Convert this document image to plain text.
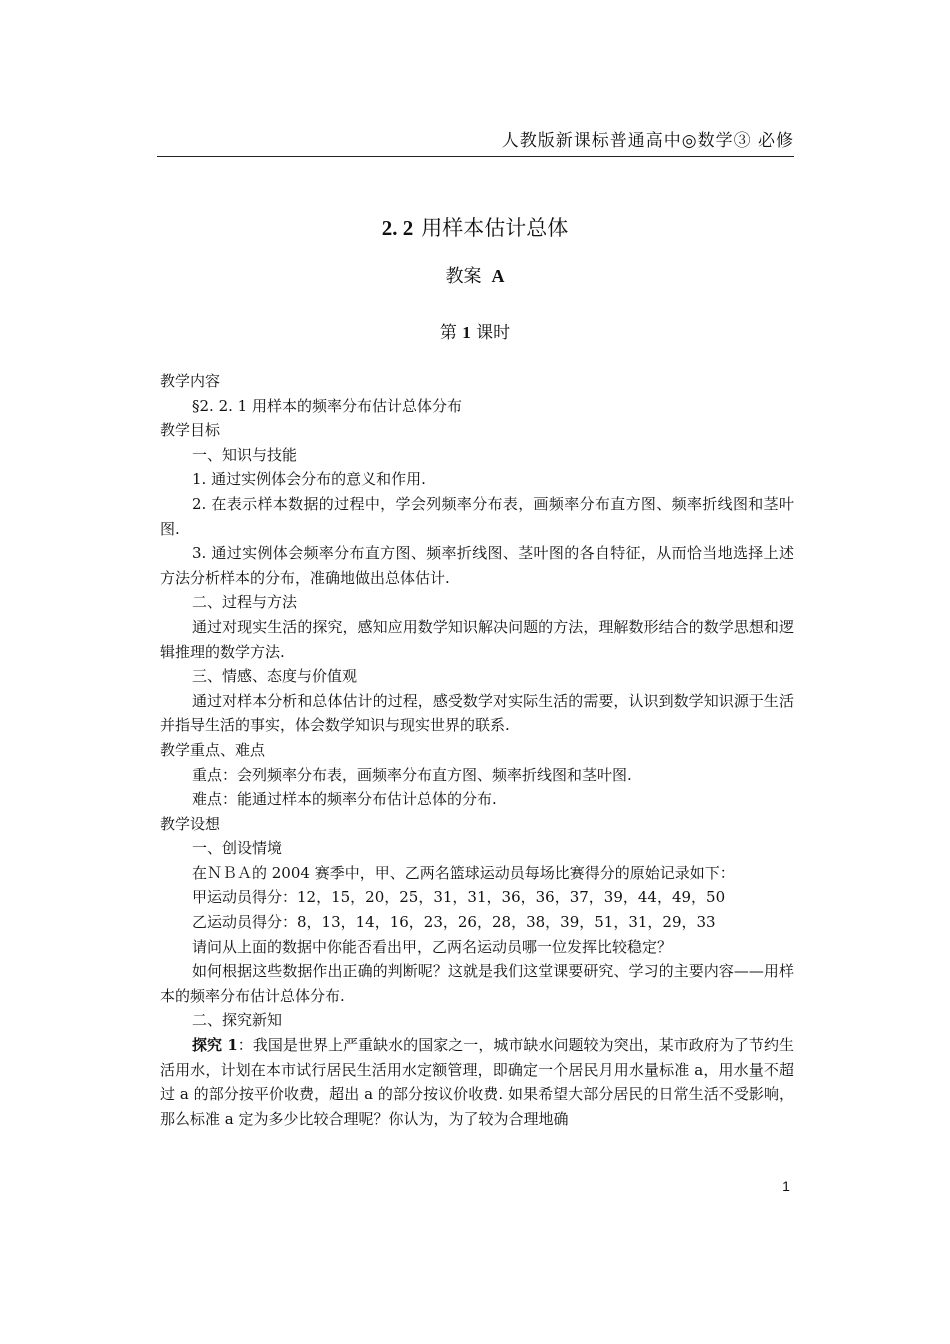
人教版新课标普通高中◎数学③ 必修
2. 2 用样本估计总体
教案 A
第 1 课时

教学内容

§2. 2. 1 用样本的频率分布估计总体分布

教学目标

一、知识与技能

1. 通过实例体会分布的意义和作用.

2. 在表示样本数据的过程中，学会列频率分布表，画频率分布直方图、频率折线图和茎叶图.

3. 通过实例体会频率分布直方图、频率折线图、茎叶图的各自特征，从而恰当地选择上述方法分析样本的分布，准确地做出总体估计.

二、过程与方法

通过对现实生活的探究，感知应用数学知识解决问题的方法，理解数形结合的数学思想和逻辑推理的数学方法.

三、情感、态度与价值观

通过对样本分析和总体估计的过程，感受数学对实际生活的需要，认识到数学知识源于生活并指导生活的事实，体会数学知识与现实世界的联系.

教学重点、难点

重点：会列频率分布表，画频率分布直方图、频率折线图和茎叶图.

难点：能通过样本的频率分布估计总体的分布.

教学设想

一、创设情境

在ＮＢＡ的 2004 赛季中，甲、乙两名篮球运动员每场比赛得分的原始记录如下：

甲运动员得分：12，15，20，25，31，31，36，36，37，39，44，49，50

乙运动员得分：8，13，14，16，23，26，28，38，39，51，31，29，33

请问从上面的数据中你能否看出甲，乙两名运动员哪一位发挥比较稳定？

如何根据这些数据作出正确的判断呢？这就是我们这堂课要研究、学习的主要内容——用样本的频率分布估计总体分布.

二、探究新知

探究 1：我国是世界上严重缺水的国家之一，城市缺水问题较为突出，某市政府为了节约生活用水，计划在本市试行居民生活用水定额管理，即确定一个居民月用水量标准 a，用水量不超过 a 的部分按平价收费，超出 a 的部分按议价收费. 如果希望大部分居民的日常生活不受影响，那么标准 a 定为多少比较合理呢？你认为，为了较为合理地确

1
